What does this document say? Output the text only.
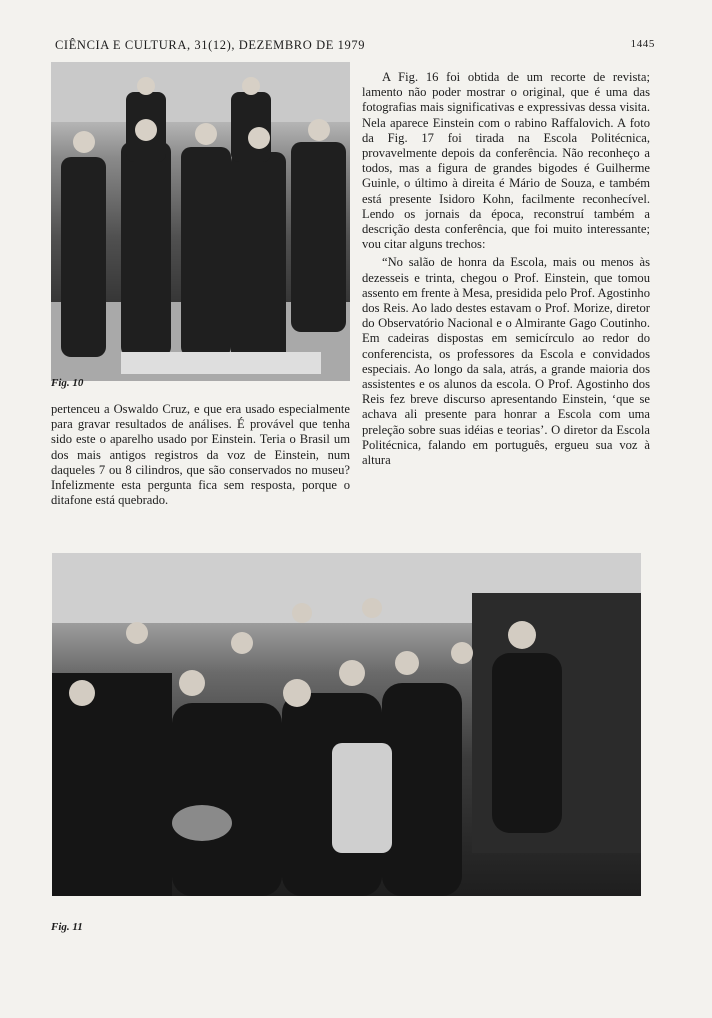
CIÊNCIA E CULTURA, 31(12), DEZEMBRO DE 1979	1445
Fig. 10

pertenceu a Oswaldo Cruz, e que era usado especialmente para gravar resultados de análises. É provável que tenha sido este o aparelho usado por Einstein. Teria o Brasil um dos mais antigos registros da voz de Einstein, num daqueles 7 ou 8 cilindros, que são conservados no museu? Infelizmente esta pergunta fica sem resposta, porque o ditafone está quebrado.

A Fig. 16 foi obtida de um recorte de revista; lamento não poder mostrar o original, que é uma das fotografias mais significativas e expressivas dessa visita. Nela aparece Einstein com o rabino Raffalovich. A foto da Fig. 17 foi tirada na Escola Politécnica, provavelmente depois da conferência. Não reconheço a todos, mas a figura de grandes bigodes é Guilherme Guinle, o último à direita é Mário de Souza, e também está presente Isidoro Kohn, facilmente reconhecível. Lendo os jornais da época, reconstruí também a descrição desta conferência, que foi muito interessante; vou citar alguns trechos:

“No salão de honra da Escola, mais ou menos às dezesseis e trinta, chegou o Prof. Einstein, que tomou assento em frente à Mesa, presidida pelo Prof. Agostinho dos Reis. Ao lado destes estavam o Prof. Morize, diretor do Observatório Nacional e o Almirante Gago Coutinho. Em cadeiras dispostas em semicírculo ao redor do conferencista, os professores da Escola e convidados especiais. Ao longo da sala, atrás, a grande maioria dos assistentes e os alunos da escola. O Prof. Agostinho dos Reis fez breve discurso apresentando Einstein, ‘que se achava ali presente para honrar a Escola com uma preleção sobre suas idéias e teorias’. O diretor da Escola Politécnica, falando em português, ergueu sua voz à altura

Fig. 11
